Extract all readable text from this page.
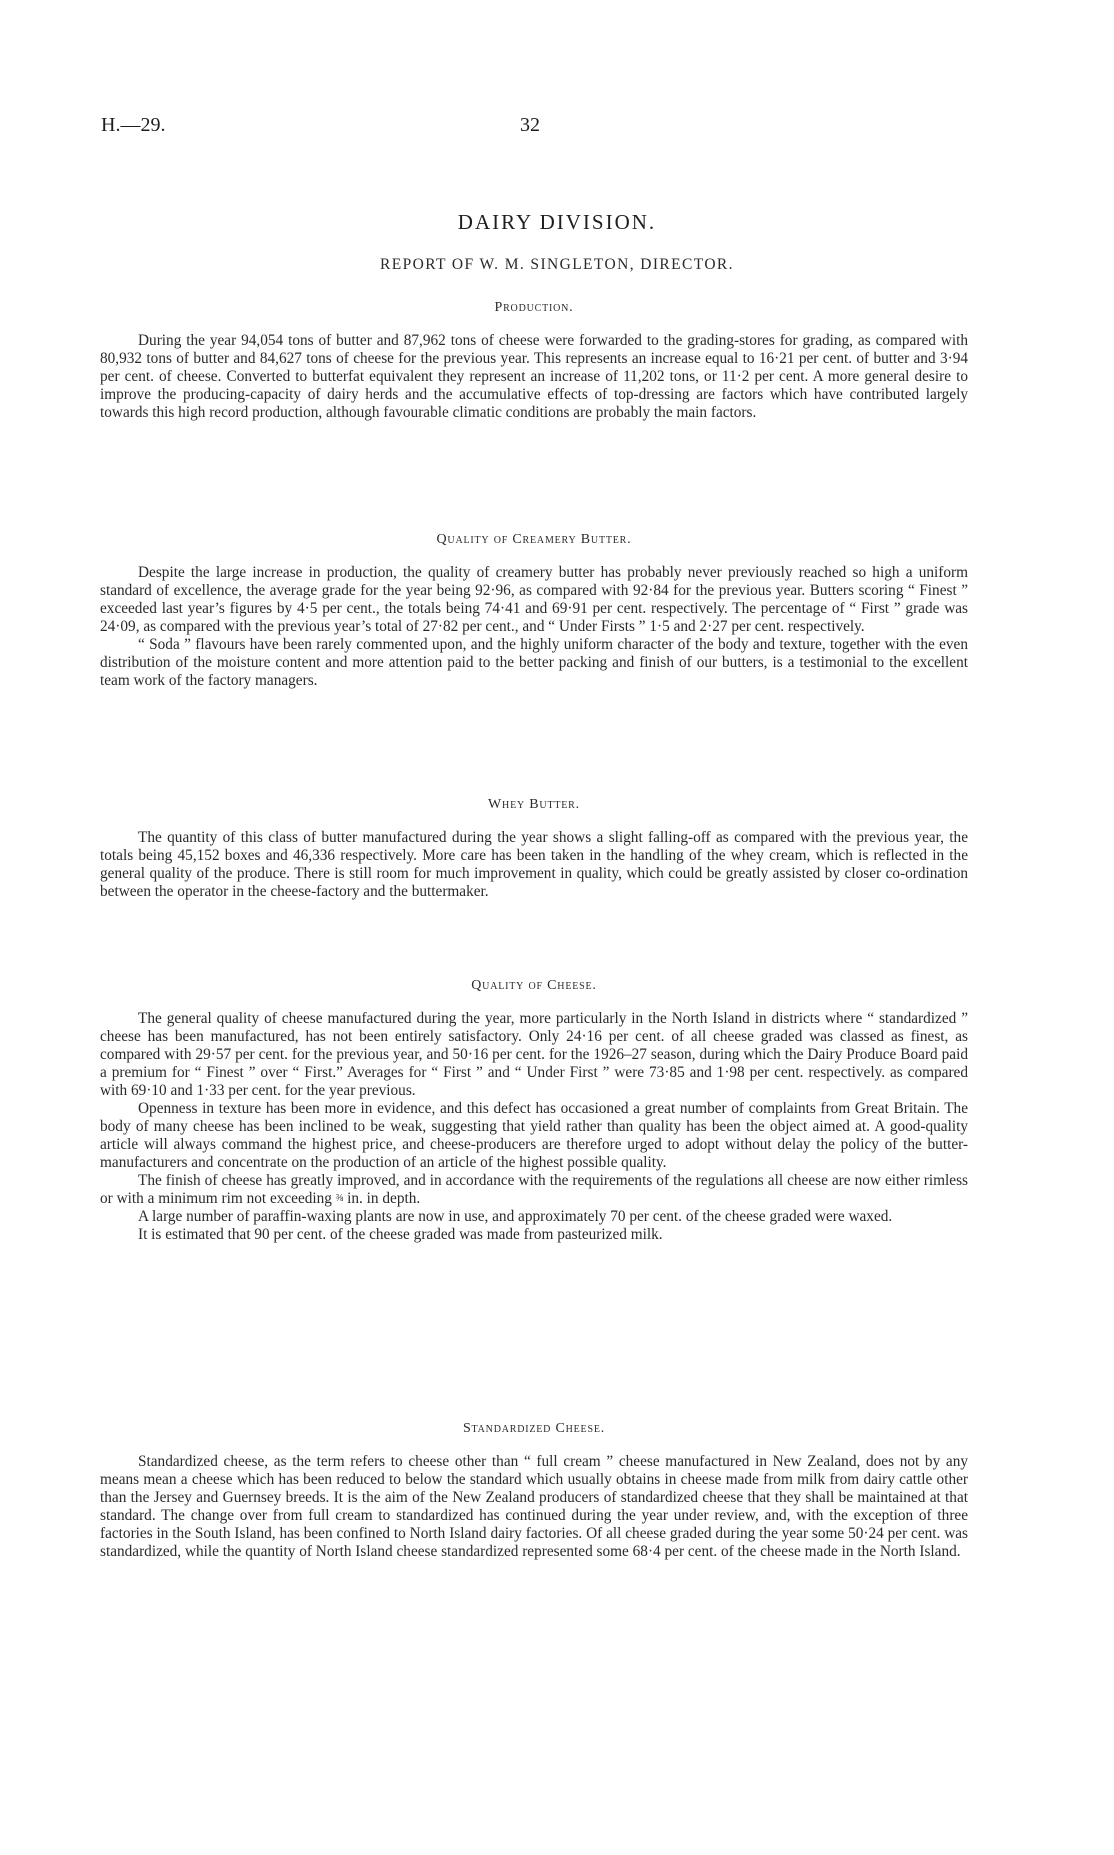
H.—29.	32
DAIRY DIVISION.
REPORT OF W. M. SINGLETON, DIRECTOR.
Production.

During the year 94,054 tons of butter and 87,962 tons of cheese were forwarded to the grading-stores for grading, as compared with 80,932 tons of butter and 84,627 tons of cheese for the previous year. This represents an increase equal to 16·21 per cent. of butter and 3·94 per cent. of cheese. Converted to butterfat equivalent they represent an increase of 11,202 tons, or 11·2 per cent. A more general desire to improve the producing-capacity of dairy herds and the accumulative effects of top-dressing are factors which have contributed largely towards this high record production, although favourable climatic conditions are probably the main factors.

Quality of Creamery Butter.

Despite the large increase in production, the quality of creamery butter has probably never previously reached so high a uniform standard of excellence, the average grade for the year being 92·96, as compared with 92·84 for the previous year. Butters scoring “ Finest ” exceeded last year’s figures by 4·5 per cent., the totals being 74·41 and 69·91 per cent. respectively. The percentage of “ First ” grade was 24·09, as compared with the previous year’s total of 27·82 per cent., and “ Under Firsts ” 1·5 and 2·27 per cent. respectively.

“ Soda ” flavours have been rarely commented upon, and the highly uniform character of the body and texture, together with the even distribution of the moisture content and more attention paid to the better packing and finish of our butters, is a testimonial to the excellent team work of the factory managers.

Whey Butter.

The quantity of this class of butter manufactured during the year shows a slight falling-off as compared with the previous year, the totals being 45,152 boxes and 46,336 respectively. More care has been taken in the handling of the whey cream, which is reflected in the general quality of the produce. There is still room for much improvement in quality, which could be greatly assisted by closer co-ordination between the operator in the cheese-factory and the buttermaker.

Quality of Cheese.

The general quality of cheese manufactured during the year, more particularly in the North Island in districts where “ standardized ” cheese has been manufactured, has not been entirely satisfactory. Only 24·16 per cent. of all cheese graded was classed as finest, as compared with 29·57 per cent. for the previous year, and 50·16 per cent. for the 1926–27 season, during which the Dairy Produce Board paid a premium for “ Finest ” over “ First.” Averages for “ First ” and “ Under First ” were 73·85 and 1·98 per cent. respectively. as compared with 69·10 and 1·33 per cent. for the year previous.

Openness in texture has been more in evidence, and this defect has occasioned a great number of complaints from Great Britain. The body of many cheese has been inclined to be weak, suggesting that yield rather than quality has been the object aimed at. A good-quality article will always command the highest price, and cheese-producers are therefore urged to adopt without delay the policy of the butter-manufacturers and concentrate on the production of an article of the highest possible quality.

The finish of cheese has greatly improved, and in accordance with the requirements of the regulations all cheese are now either rimless or with a minimum rim not exceeding ⅜ in. in depth.

A large number of paraffin-waxing plants are now in use, and approximately 70 per cent. of the cheese graded were waxed.

It is estimated that 90 per cent. of the cheese graded was made from pasteurized milk.

Standardized Cheese.

Standardized cheese, as the term refers to cheese other than “ full cream ” cheese manufactured in New Zealand, does not by any means mean a cheese which has been reduced to below the standard which usually obtains in cheese made from milk from dairy cattle other than the Jersey and Guernsey breeds. It is the aim of the New Zealand producers of standardized cheese that they shall be maintained at that standard. The change over from full cream to standardized has continued during the year under review, and, with the exception of three factories in the South Island, has been confined to North Island dairy factories. Of all cheese graded during the year some 50·24 per cent. was standardized, while the quantity of North Island cheese standardized represented some 68·4 per cent. of the cheese made in the North Island.
